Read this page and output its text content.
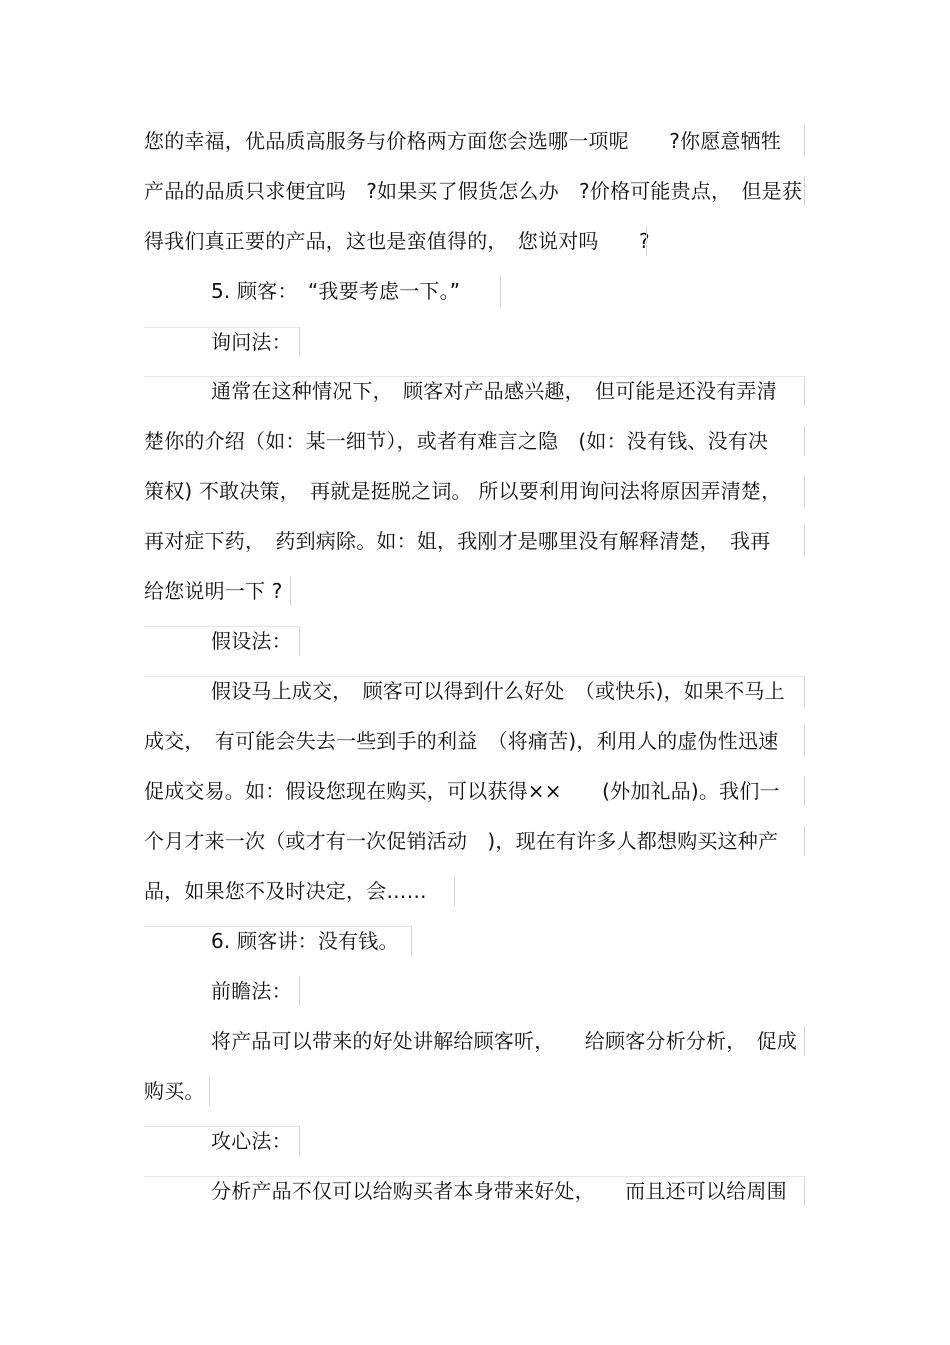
您的幸福，优品质高服务与价格两方面您会选哪一项呢　　?你愿意牺牲
产品的品质只求便宜吗　?如果买了假货怎么办　?价格可能贵点，　但是获
得我们真正要的产品，这也是蛮值得的，　您说对吗　　?
5. 顾客：　“我要考虑一下。”
询问法：
通常在这种情况下，　顾客对产品感兴趣，　但可能是还没有弄清
楚你的介绍（如：某一细节），或者有难言之隐　(如：没有钱、没有决
策权) 不敢决策，　再就是挺脱之词。 所以要利用询问法将原因弄清楚，
再对症下药，　药到病除。如：姐，我刚才是哪里没有解释清楚，　我再
给您说明一下 ?
假设法：
假设马上成交，　顾客可以得到什么好处　（或快乐)，如果不马上
成交，　有可能会失去一些到手的利益　（将痛苦)，利用人的虚伪性迅速
促成交易。如：假设您现在购买，可以获得××　　(外加礼品)。我们一
个月才来一次（或才有一次促销活动　)，现在有许多人都想购买这种产
品，如果您不及时决定，会……
6. 顾客讲：没有钱。
前瞻法：
将产品可以带来的好处讲解给顾客听，　　给顾客分析分析，　促成
购买。
攻心法：
分析产品不仅可以给购买者本身带来好处，　　而且还可以给周围
